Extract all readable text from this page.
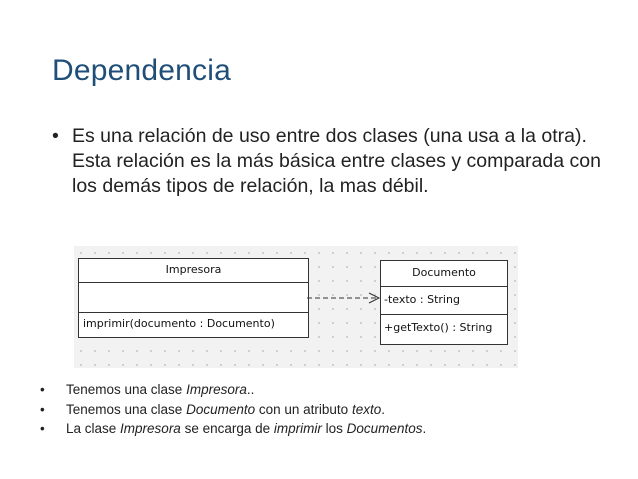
Dependencia
• Es una relación de uso entre dos clases (una usa a la otra). Esta relación es la más básica entre clases y comparada con los demás tipos de relación, la mas débil.
Impresora
imprimir(documento : Documento)
Documento
-texto : String
+getTexto() : String
• Tenemos una clase Impresora..
• Tenemos una clase Documento con un atributo texto.
• La clase Impresora se encarga de imprimir los Documentos.
